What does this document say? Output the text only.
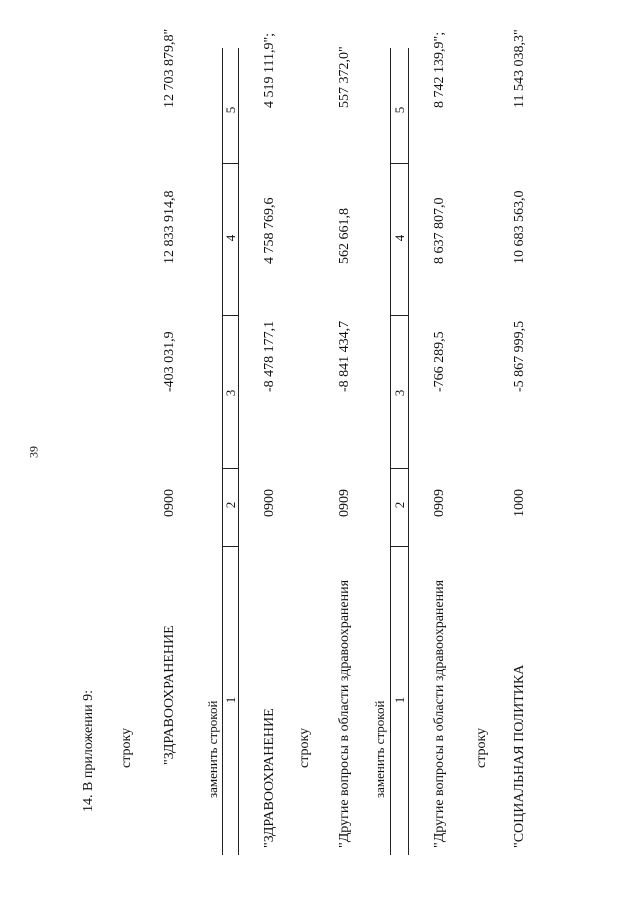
39
14. В приложении 9: строку "ЗДРАВООХРАНЕНИЕ
0900
-403 031,9
12 833 914,8
12 703 879,8"
заменить строкой
1
2
3
4
5
"ЗДРАВООХРАНЕНИЕ
0900
-8 478 177,1
4 758 769,6
4 519 111,9";
строку "Другие вопросы в области здравоохранения
0909
-8 841 434,7
562 661,8
557 372,0"
заменить строкой
1
2
3
4
5
"Другие вопросы в области здравоохранения
0909
-766 289,5
8 637 807,0
8 742 139,9";
строку "СОЦИАЛЬНАЯ ПОЛИТИКА
1000
-5 867 999,5
10 683 563,0
11 543 038,3"
